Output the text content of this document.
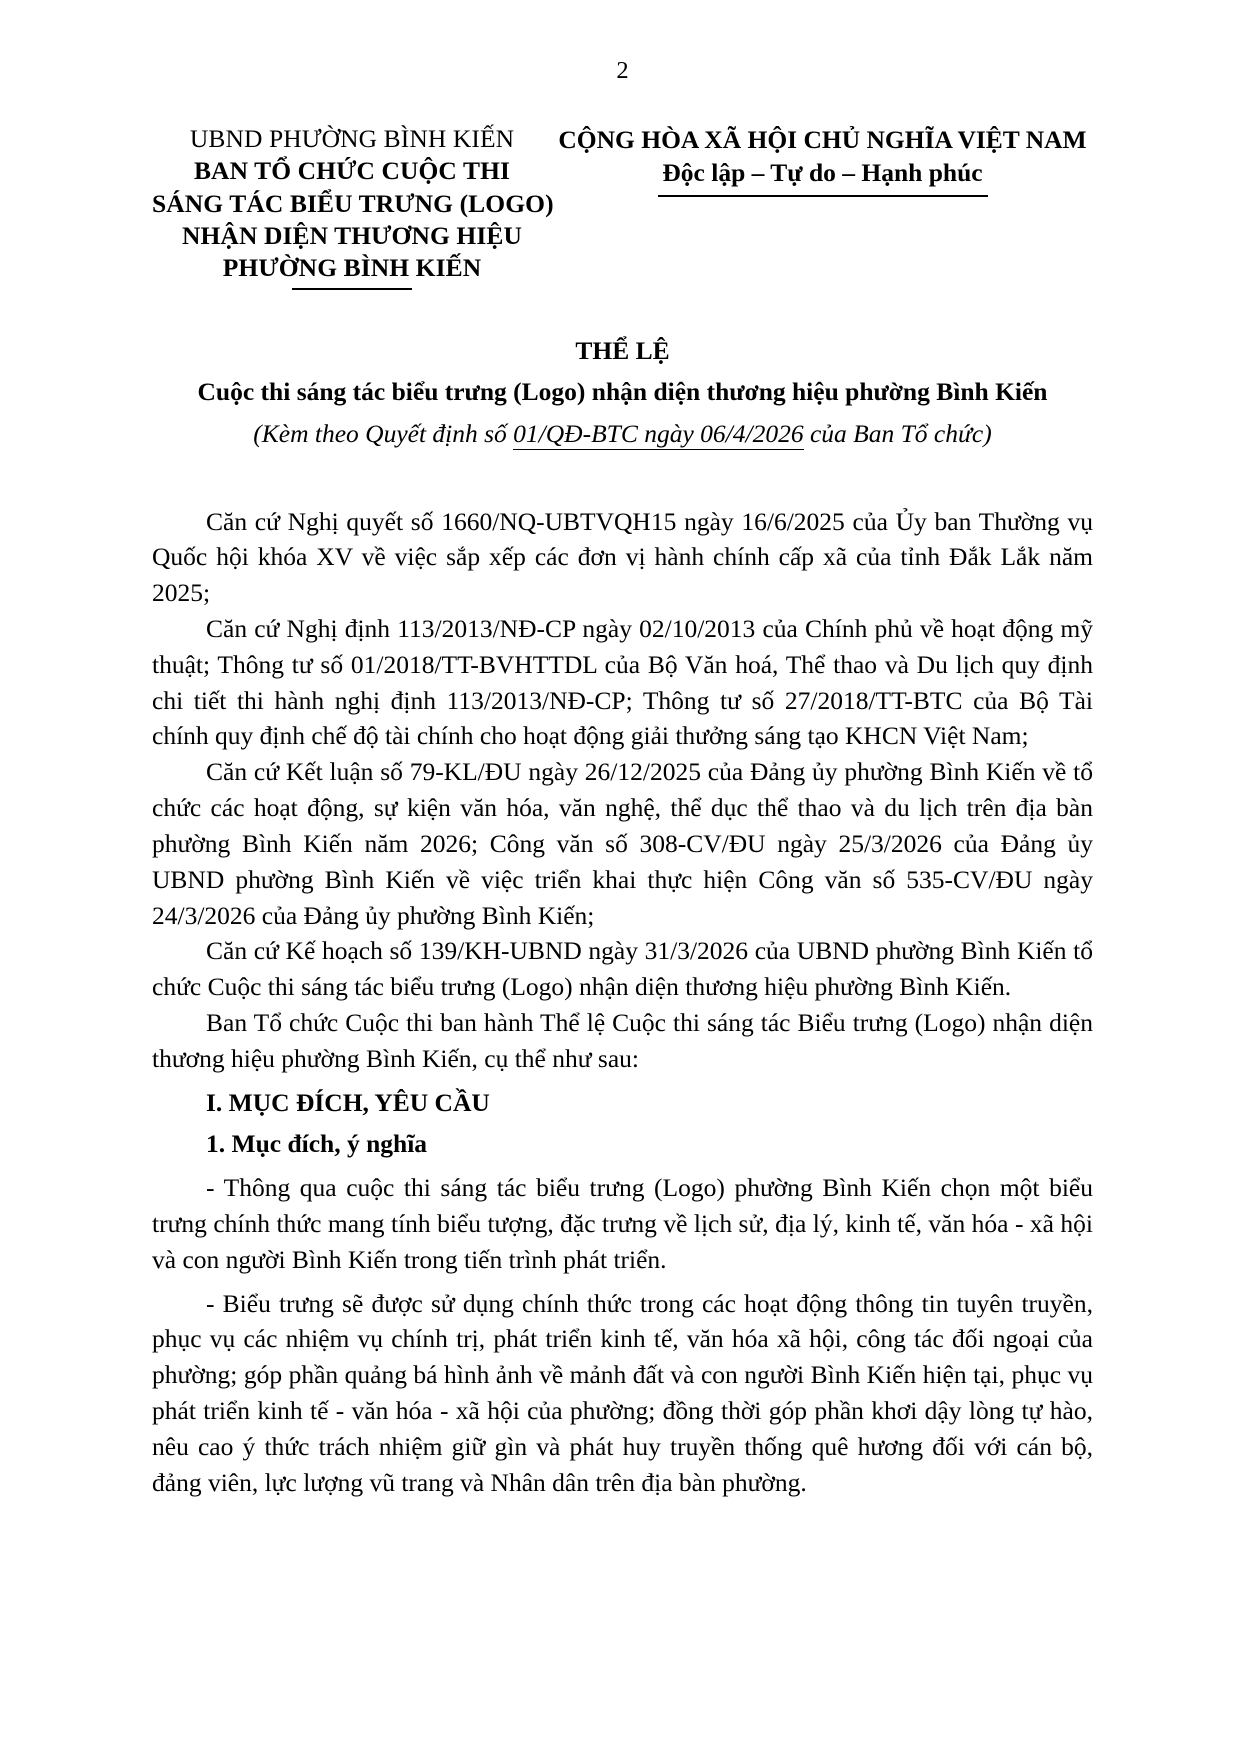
2
UBND PHƯỜNG BÌNH KIẾN
BAN TỔ CHỨC CUỘC THI
SÁNG TÁC BIỂU TRƯNG (LOGO)
NHẬN DIỆN THƯƠNG HIỆU
PHƯỜNG BÌNH KIẾN
CỘNG HÒA XÃ HỘI CHỦ NGHĨA VIỆT NAM
Độc lập – Tự do – Hạnh phúc
THỂ LỆ
Cuộc thi sáng tác biểu trưng (Logo) nhận diện thương hiệu phường Bình Kiến
(Kèm theo Quyết định số 01/QĐ-BTC ngày 06/4/2026 của Ban Tổ chức)

Căn cứ Nghị quyết số 1660/NQ-UBTVQH15 ngày 16/6/2025 của Ủy ban Thường vụ Quốc hội khóa XV về việc sắp xếp các đơn vị hành chính cấp xã của tỉnh Đắk Lắk năm 2025;

Căn cứ Nghị định 113/2013/NĐ-CP ngày 02/10/2013 của Chính phủ về hoạt động mỹ thuật; Thông tư số 01/2018/TT-BVHTTDL của Bộ Văn hoá, Thể thao và Du lịch quy định chi tiết thi hành nghị định 113/2013/NĐ-CP; Thông tư số 27/2018/TT-BTC của Bộ Tài chính quy định chế độ tài chính cho hoạt động giải thưởng sáng tạo KHCN Việt Nam;

Căn cứ Kết luận số 79-KL/ĐU ngày 26/12/2025 của Đảng ủy phường Bình Kiến về tổ chức các hoạt động, sự kiện văn hóa, văn nghệ, thể dục thể thao và du lịch trên địa bàn phường Bình Kiến năm 2026; Công văn số 308-CV/ĐU ngày 25/3/2026 của Đảng ủy UBND phường Bình Kiến về việc triển khai thực hiện Công văn số 535-CV/ĐU ngày 24/3/2026 của Đảng ủy phường Bình Kiến;

Căn cứ Kế hoạch số 139/KH-UBND ngày 31/3/2026 của UBND phường Bình Kiến tổ chức Cuộc thi sáng tác biểu trưng (Logo) nhận diện thương hiệu phường Bình Kiến.

Ban Tổ chức Cuộc thi ban hành Thể lệ Cuộc thi sáng tác Biểu trưng (Logo) nhận diện thương hiệu phường Bình Kiến, cụ thể như sau:

I. MỤC ĐÍCH, YÊU CẦU

1. Mục đích, ý nghĩa

- Thông qua cuộc thi sáng tác biểu trưng (Logo) phường Bình Kiến chọn một biểu trưng chính thức mang tính biểu tượng, đặc trưng về lịch sử, địa lý, kinh tế, văn hóa - xã hội và con người Bình Kiến trong tiến trình phát triển.

- Biểu trưng sẽ được sử dụng chính thức trong các hoạt động thông tin tuyên truyền, phục vụ các nhiệm vụ chính trị, phát triển kinh tế, văn hóa xã hội, công tác đối ngoại của phường; góp phần quảng bá hình ảnh về mảnh đất và con người Bình Kiến hiện tại, phục vụ phát triển kinh tế - văn hóa - xã hội của phường; đồng thời góp phần khơi dậy lòng tự hào, nêu cao ý thức trách nhiệm giữ gìn và phát huy truyền thống quê hương đối với cán bộ, đảng viên, lực lượng vũ trang và Nhân dân trên địa bàn phường.
